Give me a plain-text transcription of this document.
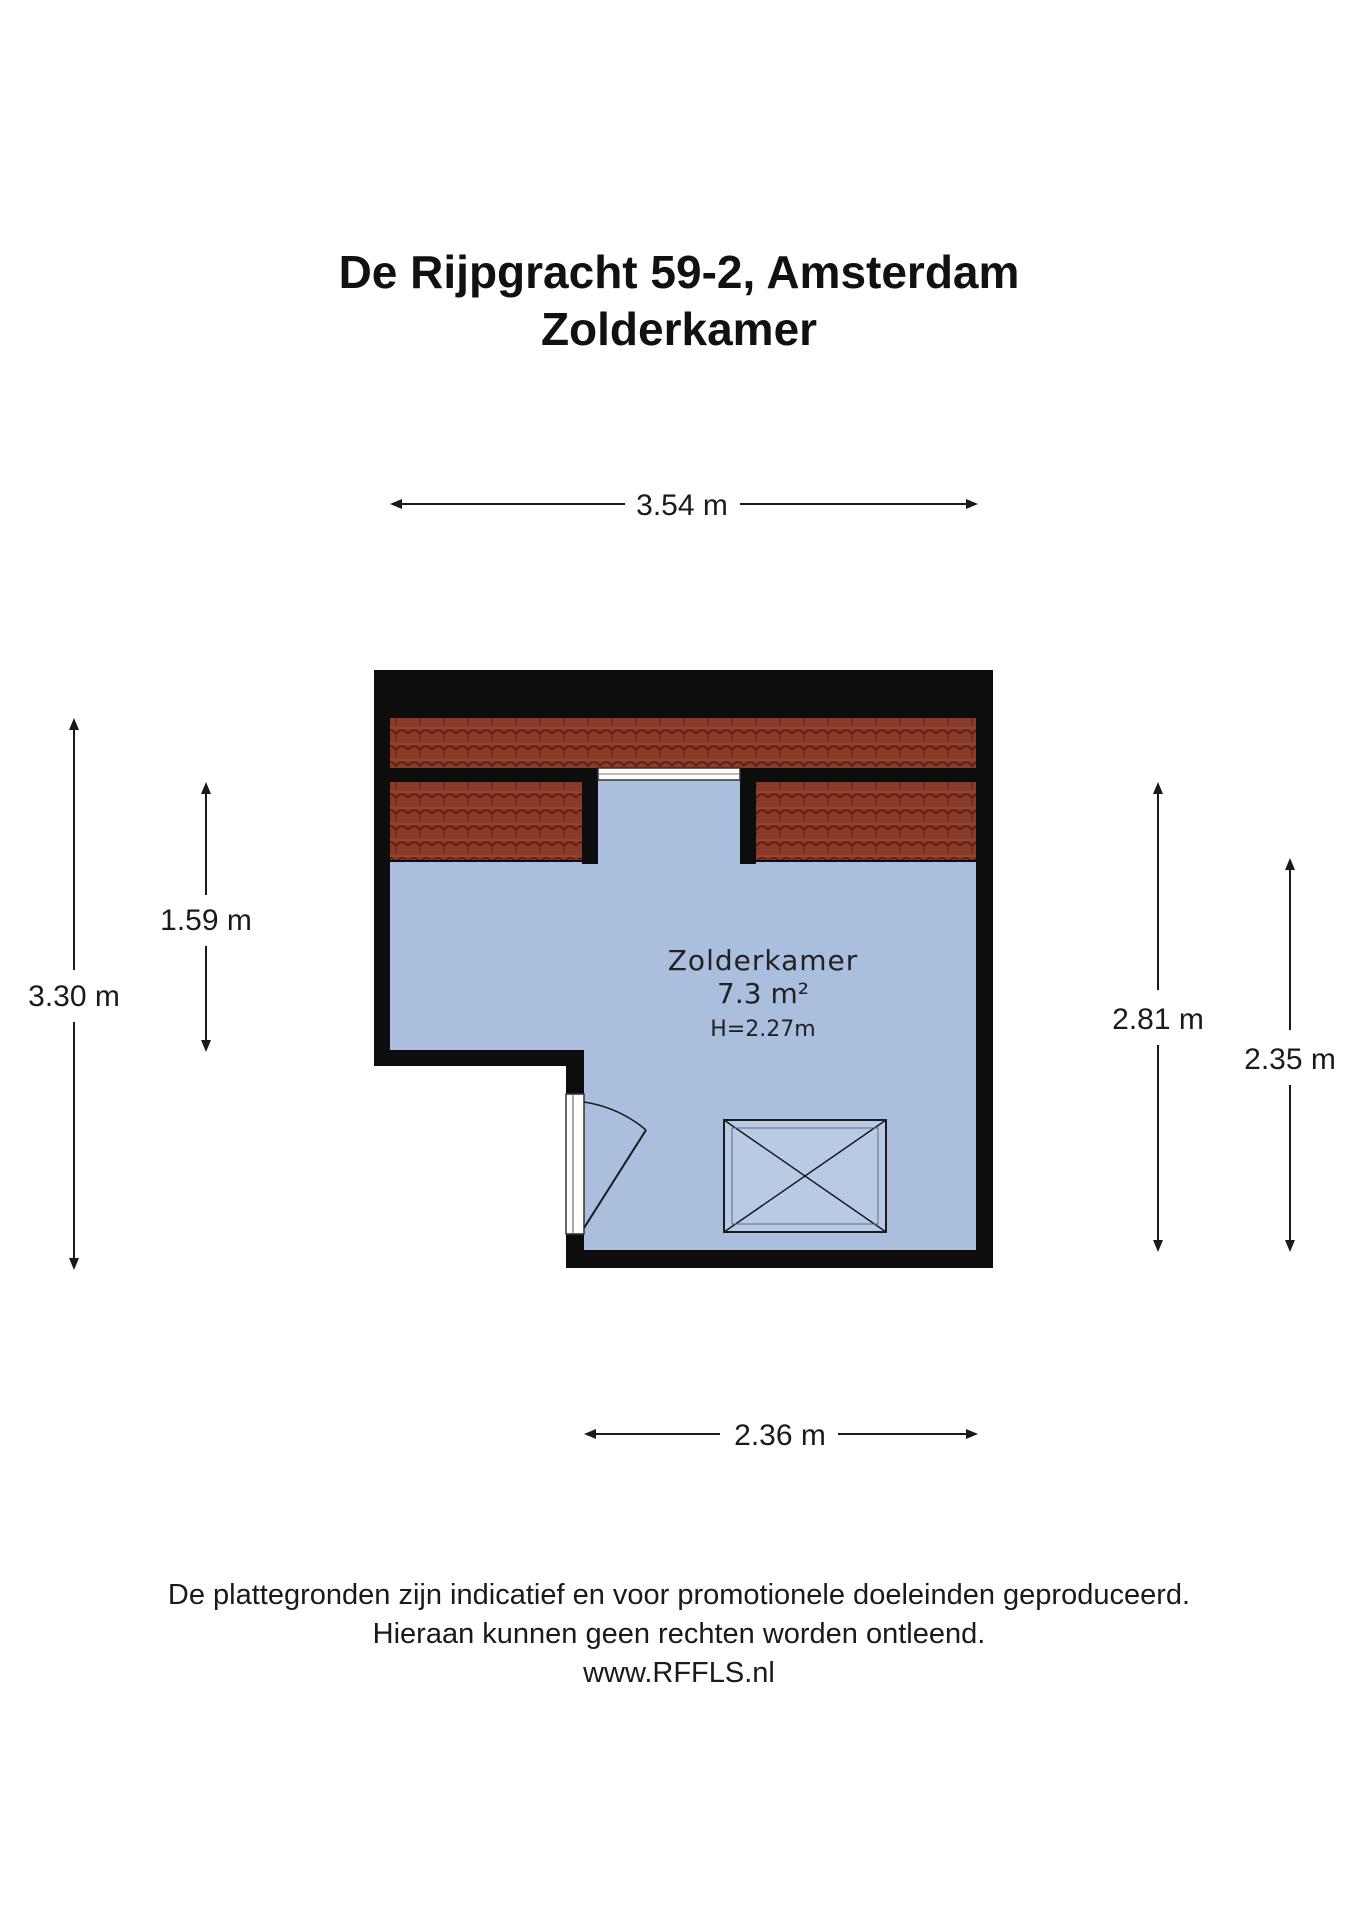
De Rijpgracht 59-2, Amsterdam
Zolderkamer
Zolderkamer
7.3 m²
H=2.27m
3.54 m
2.36 m
3.30 m
1.59 m
2.81 m
2.35 m
De plattegronden zijn indicatief en voor promotionele doeleinden geproduceerd.
Hieraan kunnen geen rechten worden ontleend.
www.RFFLS.nl
